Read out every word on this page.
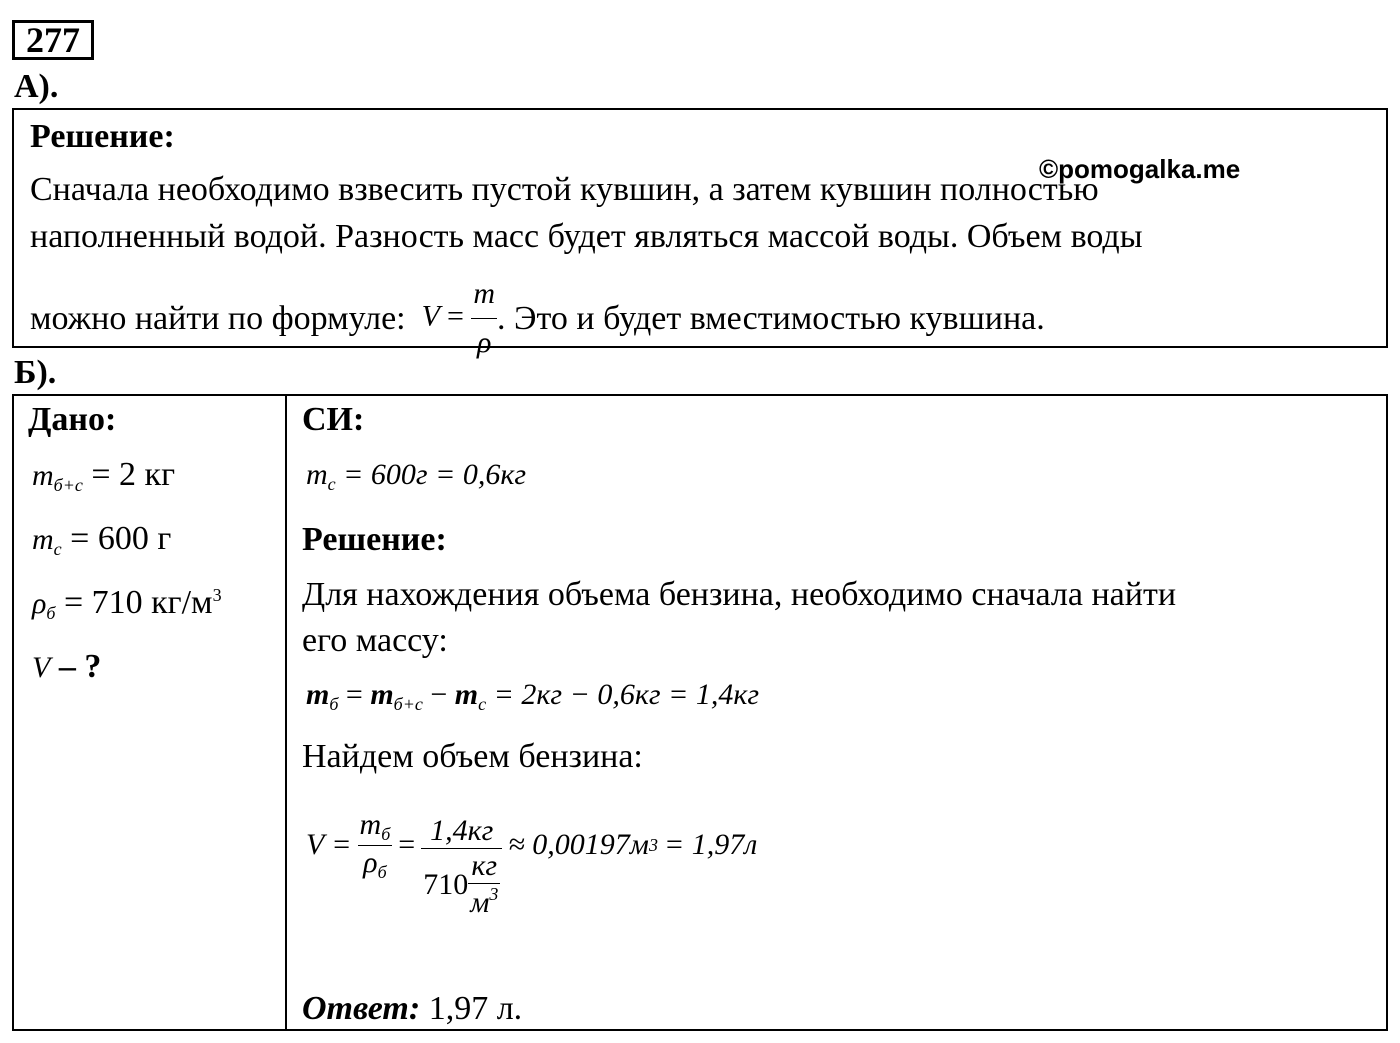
277
А).
Решение:
©pomogalka.me
Сначала необходимо взвесить пустой кувшин, а затем кувшин полностью
наполненный водой. Разность масс будет являться массой воды. Объем воды
можно найти по формуле: $V = \frac{m}{\rho}$ . Это и будет вместимостью кувшина.
Б).
Дано:
$m_{б+с} = 2$ кг
$m_с = 600$ г
$\rho_б = 710$ $кг/м^3$
V – ?
СИ:
$m_с = 600г = 0,6кг$
Решение:
Для нахождения объема бензина, необходимо сначала найти
его массу:
$m_б = m_{б+с} - m_с = 2кг - 0,6кг = 1,4кг$
Найдем объем бензина:
$V = \frac{m_б}{\rho_б} = \frac{1,4кг}{710 \frac{кг}{м^3}} \approx 0,00197м$ 3 = 1,97л
Ответ: 1,97 л.
